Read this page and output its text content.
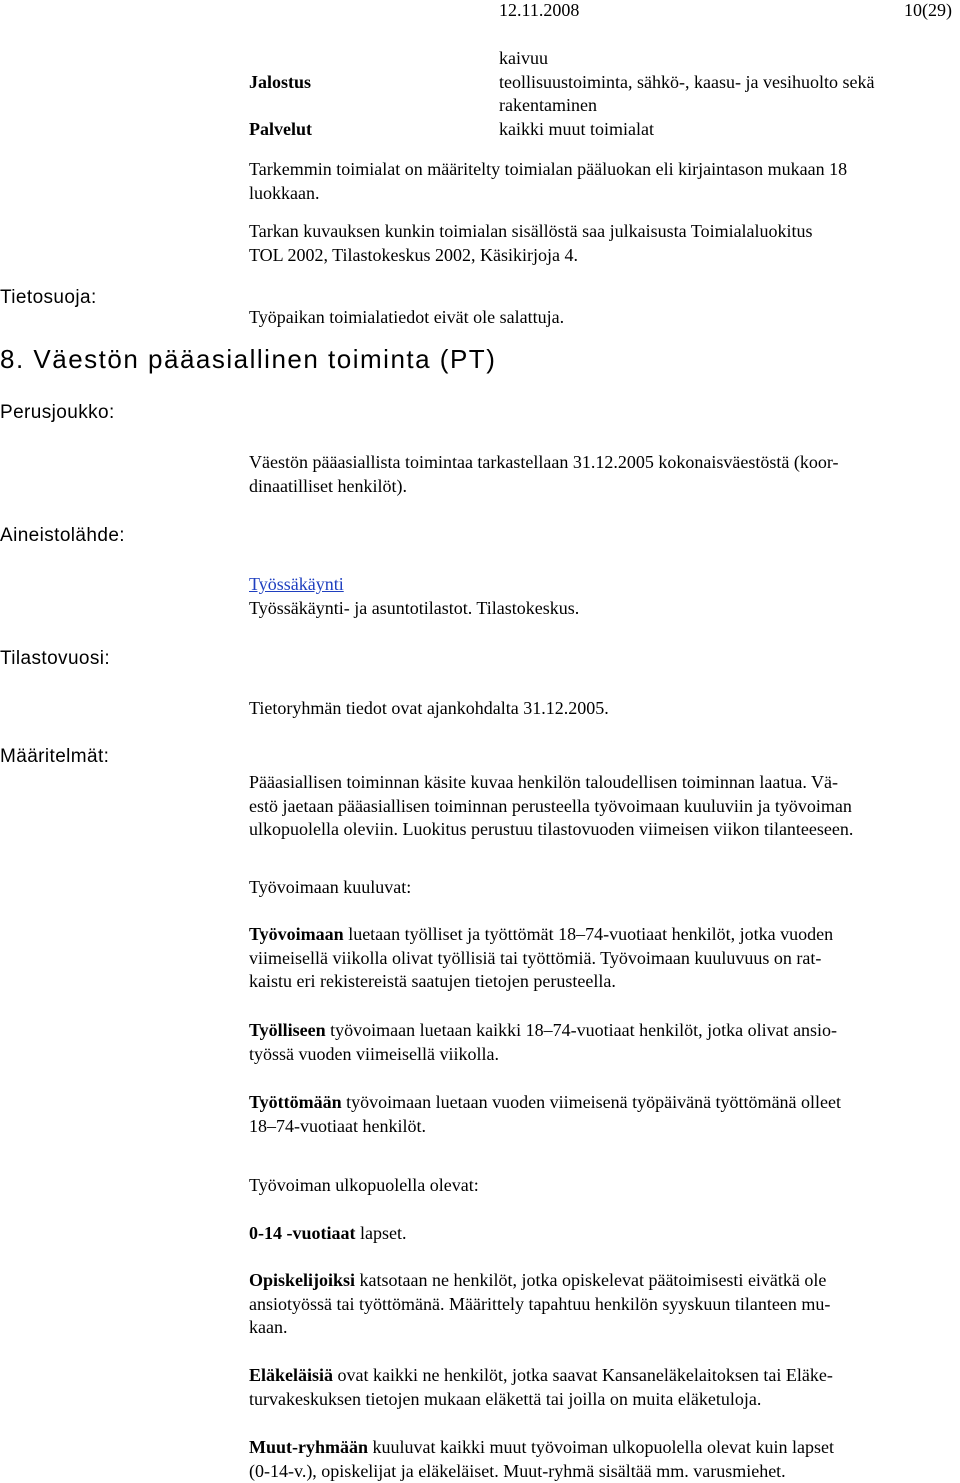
12.11.2008	10(29)
kaivuu
Jalostus	teollisuustoiminta, sähkö-, kaasu- ja vesihuolto sekä
rakentaminen
Palvelut	kaikki muut toimialat
Tarkemmin toimialat on määritelty toimialan pääluokan eli kirjaintason mukaan 18
luokkaan.
Tarkan kuvauksen kunkin toimialan sisällöstä saa julkaisusta Toimialaluokitus
TOL 2002, Tilastokeskus 2002, Käsikirjoja 4.
Tietosuoja:
Työpaikan toimialatiedot eivät ole salattuja.
8. Väestön pääasiallinen toiminta (PT)
Perusjoukko:
Väestön pääasiallista toimintaa tarkastellaan 31.12.2005 kokonaisväestöstä (koor-
dinaatilliset henkilöt).
Aineistolähde:
Työssäkäynti
Työssäkäynti- ja asuntotilastot. Tilastokeskus.
Tilastovuosi:
Tietoryhmän tiedot ovat ajankohdalta 31.12.2005.
Määritelmät:
Pääasiallisen toiminnan käsite kuvaa henkilön taloudellisen toiminnan laatua. Vä-
estö jaetaan pääasiallisen toiminnan perusteella työvoimaan kuuluviin ja työvoiman
ulkopuolella oleviin. Luokitus perustuu tilastovuoden viimeisen viikon tilanteeseen.
Työvoimaan kuuluvat:
Työvoimaan luetaan työlliset ja työttömät 18–74-vuotiaat henkilöt, jotka vuoden
viimeisellä viikolla olivat työllisiä tai työttömiä. Työvoimaan kuuluvuus on rat-
kaistu eri rekistereistä saatujen tietojen perusteella.
Työlliseen työvoimaan luetaan kaikki 18–74-vuotiaat henkilöt, jotka olivat ansio-
työssä vuoden viimeisellä viikolla.
Työttömään työvoimaan luetaan vuoden viimeisenä työpäivänä työttömänä olleet
18–74-vuotiaat henkilöt.
Työvoiman ulkopuolella olevat:
0-14 -vuotiaat lapset.
Opiskelijoiksi katsotaan ne henkilöt, jotka opiskelevat päätoimisesti eivätkä ole
ansiotyössä tai työttömänä. Määrittely tapahtuu henkilön syyskuun tilanteen mu-
kaan.
Eläkeläisiä ovat kaikki ne henkilöt, jotka saavat Kansaneläkelaitoksen tai Eläke-
turvakeskuksen tietojen mukaan eläkettä tai joilla on muita eläketuloja.
Muut-ryhmään kuuluvat kaikki muut työvoiman ulkopuolella olevat kuin lapset
(0-14-v.), opiskelijat ja eläkeläiset. Muut-ryhmä sisältää mm. varusmiehet.
